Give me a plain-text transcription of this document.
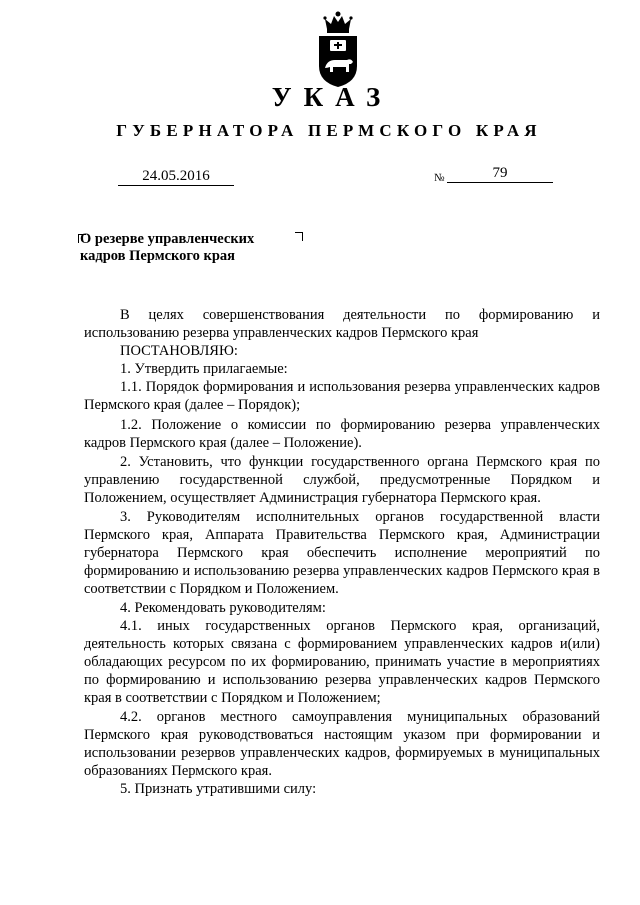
УКАЗ
ГУБЕРНАТОРА ПЕРМСКОГО КРАЯ
24.05.2016	№	79
О резерве управленческих
кадров Пермского края

В целях совершенствования деятельности по формированию и использованию резерва управленческих кадров Пермского края

ПОСТАНОВЛЯЮ:

1. Утвердить прилагаемые:

1.1. Порядок формирования и использования резерва управленческих кадров Пермского края (далее – Порядок);

1.2. Положение о комиссии по формированию резерва управленческих кадров Пермского края (далее – Положение).

2. Установить, что функции государственного органа Пермского края по управлению государственной службой, предусмотренные Порядком и Положением, осуществляет Администрация губернатора Пермского края.

3. Руководителям исполнительных органов государственной власти Пермского края, Аппарата Правительства Пермского края, Администрации губернатора Пермского края обеспечить исполнение мероприятий по формированию и использованию резерва управленческих кадров Пермского края в соответствии с Порядком и Положением.

4. Рекомендовать руководителям:

4.1. иных государственных органов Пермского края, организаций, деятельность которых связана с формированием управленческих кадров и(или) обладающих ресурсом по их формированию, принимать участие в мероприятиях по формированию и использованию резерва управленческих кадров Пермского края в соответствии с Порядком и Положением;

4.2. органов местного самоуправления муниципальных образований Пермского края руководствоваться настоящим указом при формировании и использовании резервов управленческих кадров, формируемых в муниципальных образованиях Пермского края.

5. Признать утратившими силу:
